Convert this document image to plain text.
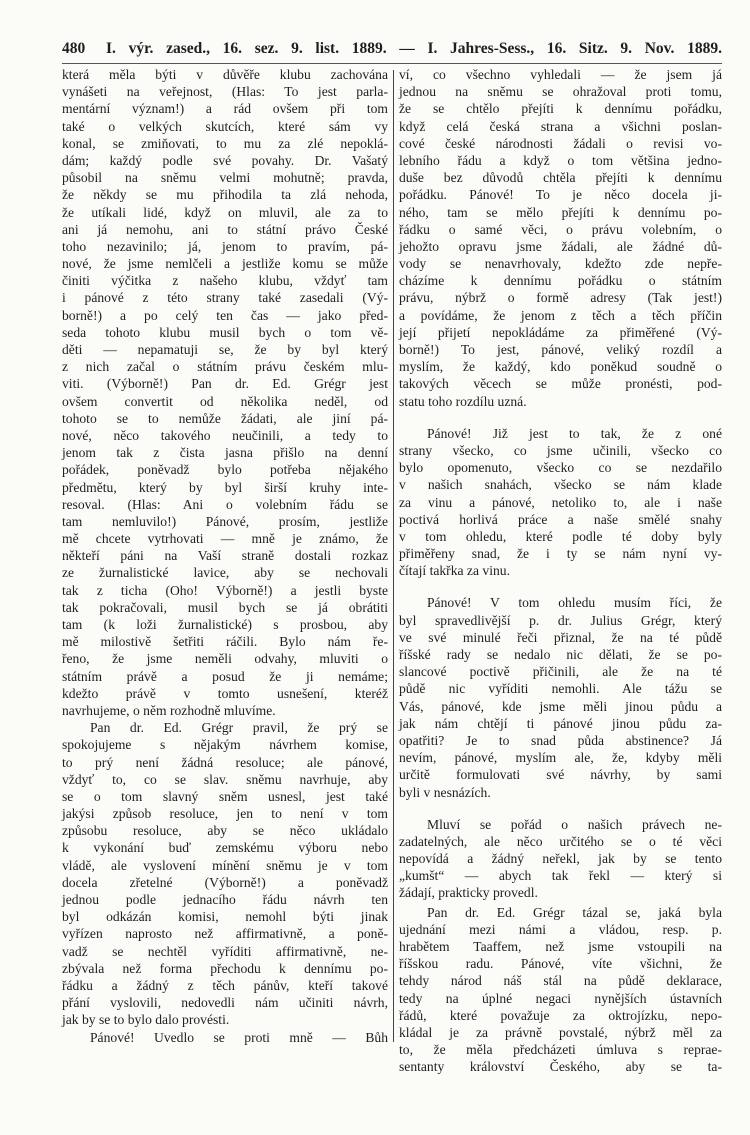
480 I. výr. zased., 16. sez. 9. list. 1889. — I. Jahres-Sess., 16. Sitz. 9. Nov. 1889.
která měla býti v důvěře klubu zachována
vynášeti na veřejnost, (Hlas: To jest parla-
mentární význam!) a rád ovšem při tom
také o velkých skutcích, které sám vy
konal, se zmiňovati, to mu za zlé nepoklá-
dám; každý podle své povahy. Dr. Vašatý
působil na sněmu velmi mohutně; pravda,
že někdy se mu přihodila ta zlá nehoda,
že utíkali lidé, když on mluvil, ale za to
ani já nemohu, ani to státní právo České
toho nezavinilo; já, jenom to pravím, pá-
nové, že jsme nemlčeli a jestliže komu se může
činiti výčitka z našeho klubu, vždyť tam
i pánové z této strany také zasedali (Vý-
borně!) a po celý ten čas — jako před-
seda tohoto klubu musil bych o tom vě-
děti — nepamatuji se, že by byl který
z nich začal o státním právu českém mlu-
viti. (Výborně!) Pan dr. Ed. Grégr jest
ovšem convertit od několika neděl, od
tohoto se to nemůže žádati, ale jiní pá-
nové, něco takového neučinili, a tedy to
jenom tak z čista jasna přišlo na denní
pořádek, poněvadž bylo potřeba nějakého
předmětu, který by byl širší kruhy inte-
resoval. (Hlas: Ani o volebním řádu se
tam nemluvilo!) Pánové, prosím, jestliže
mě chcete vytrhovati — mně je známo, že
někteří páni na Vaší straně dostali rozkaz
ze žurnalistické lavice, aby se nechovali
tak z ticha (Oho! Výborně!) a jestli byste
tak pokračovali, musil bych se já obrátiti
tam (k loži žurnalistické) s prosbou, aby
mě milostivě šetřiti ráčili. Bylo nám ře-
řeno, že jsme neměli odvahy, mluviti o
státním právě a posud že ji nemáme;
kdežto právě v tomto usnešení, kteréž
navrhujeme, o něm rozhodně mluvíme.
Pan dr. Ed. Grégr pravil, že prý se
spokojujeme s nějakým návrhem komise,
to prý není žádná resoluce; ale pánové,
vždyť to, co se slav. sněmu navrhuje, aby
se o tom slavný sněm usnesl, jest také
jakýsi způsob resoluce, jen to není v tom
způsobu resoluce, aby se něco ukládalo
k vykonání buď zemskému výboru nebo
vládě, ale vyslovení mínění sněmu je v tom
docela zřetelné (Výborně!) a poněvadž
jednou podle jednacího řádu návrh ten
byl odkázán komisi, nemohl býti jinak
vyřízen naprosto než affirmativně, a poně-
vadž se nechtěl vyříditi affirmativně, ne-
zbývala než forma přechodu k dennímu po-
řádku a žádný z těch pánův, kteří takové
přání vyslovili, nedovedli nám učiniti návrh,
jak by se to bylo dalo provésti.
Pánové! Uvedlo se proti mně — Bůh
ví, co všechno vyhledali — že jsem já
jednou na sněmu se ohražoval proti tomu,
že se chtělo přejíti k dennímu pořádku,
když celá česká strana a všichni poslan-
cové české národnosti žádali o revisi vo-
lebního řádu a když o tom většina jedno-
duše bez důvodů chtěla přejíti k dennímu
pořádku. Pánové! To je něco docela ji-
ného, tam se mělo přejíti k dennímu po-
řádku o samé věci, o právu volebním, o
jehožto opravu jsme žádali, ale žádné dů-
vody se nenavrhovaly, kdežto zde nepře-
cházíme k dennímu pořádku o státním
právu, nýbrž o formě adresy (Tak jest!)
a povídáme, že jenom z těch a těch příčin
její přijetí nepokládáme za přiměřené (Vý-
borně!) To jest, pánové, veliký rozdíl a
myslím, že každý, kdo poněkud soudně o
takových věcech se může pronésti, pod-
statu toho rozdílu uzná.
Pánové! Již jest to tak, že z oné
strany všecko, co jsme učinili, všecko co
bylo opomenuto, všecko co se nezdařilo
v našich snahách, všecko se nám klade
za vinu a pánové, netoliko to, ale i naše
poctivá horlivá práce a naše smělé snahy
v tom ohledu, které podle té doby byly
přiměřeny snad, že i ty se nám nyní vy-
čítají takřka za vinu.
Pánové! V tom ohledu musím říci, že
byl spravedlivější p. dr. Julius Grégr, který
ve své minulé řeči přiznal, že na té půdě
říšské rady se nedalo nic dělati, že se po-
slancové poctivě přičinili, ale že na té
půdě nic vyříditi nemohli. Ale tážu se
Vás, pánové, kde jsme měli jinou půdu a
jak nám chtějí ti pánové jinou půdu za-
opatřiti? Je to snad půda abstinence? Já
nevím, pánové, myslím ale, že, kdyby měli
určitě formulovati své návrhy, by sami
byli v nesnázích.
Mluví se pořád o našich právech ne-
zadatelných, ale něco určitého se o té věci
nepovídá a žádný neřekl, jak by se tento
„kumšt“ — abych tak řekl — který si
žádají, prakticky provedl.
Pan dr. Ed. Grégr tázal se, jaká byla
ujednání mezi námi a vládou, resp. p.
hrabětem Taaffem, než jsme vstoupili na
říšskou radu. Pánové, víte všichni, že
tehdy národ náš stál na půdě deklarace,
tedy na úplné negaci nynějších ústavních
řádů, které považuje za oktrojízku, nepo-
kládal je za právně povstalé, nýbrž měl za
to, že měla předcházeti úmluva s reprae-
sentanty království Českého, aby se ta-
